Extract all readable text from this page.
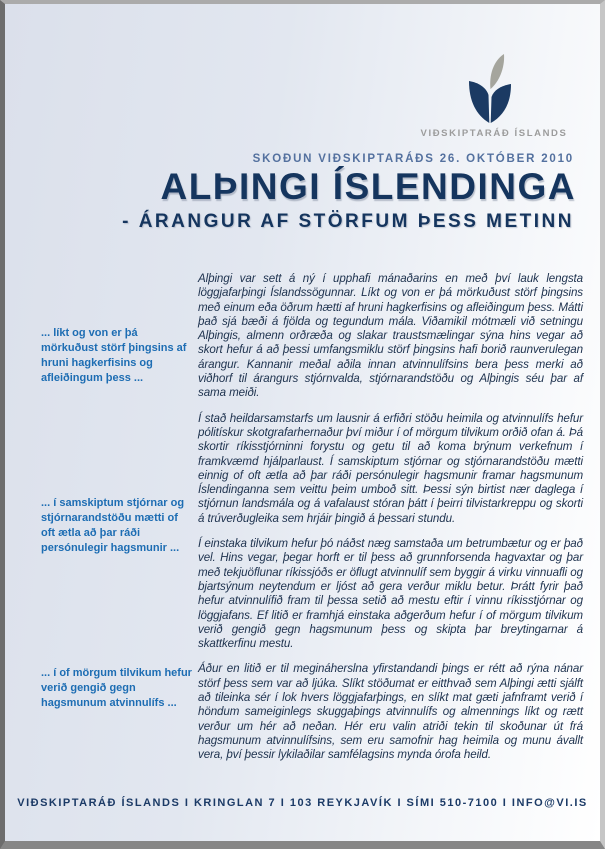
VIÐSKIPTARÁÐ ÍSLANDS
SKOÐUN VIÐSKIPTARÁÐS 26. OKTÓBER 2010
ALÞINGI ÍSLENDINGA
- ÁRANGUR AF STÖRFUM ÞESS METINN
... líkt og von er þá mörkuðust störf þingsins af hruni hagkerfisins og afleiðingum þess ...
... í samskiptum stjórnar og stjórnarandstöðu mætti of oft ætla að þar ráði persónulegir hagsmunir ...
... í of mörgum tilvikum hefur verið gengið gegn hagsmunum atvinnulífs ...

Alþingi var sett á ný í upphafi mánaðarins en með því lauk lengsta löggjafarþingi Íslandssögunnar. Líkt og von er þá mörkuðust störf þingsins með einum eða öðrum hætti af hruni hagkerfisins og afleiðingum þess. Mátti það sjá bæði á fjölda og tegundum mála. Viðamikil mótmæli við setningu Alþingis, almenn orðræða og slakar traustsmælingar sýna hins vegar að skort hefur á að þessi umfangsmiklu störf þingsins hafi borið raunverulegan árangur. Kannanir meðal aðila innan atvinnulífsins bera þess merki að viðhorf til árangurs stjórnvalda, stjórnarandstöðu og Alþingis séu þar af sama meiði.

Í stað heildarsamstarfs um lausnir á erfiðri stöðu heimila og atvinnulífs hefur pólitískur skotgrafarhernaður því miður í of mörgum tilvikum orðið ofan á. Þá skortir ríkisstjórninni forystu og getu til að koma brýnum verkefnum í framkvæmd hjálparlaust. Í samskiptum stjórnar og stjórnarandstöðu mætti einnig of oft ætla að þar ráði persónulegir hagsmunir framar hagsmunum Íslendinganna sem veittu þeim umboð sitt. Þessi sýn birtist nær daglega í stjórnun landsmála og á vafalaust stóran þátt í þeirri tilvistarkreppu og skorti á trúverðugleika sem hrjáir þingið á þessari stundu.

Í einstaka tilvikum hefur þó náðst næg samstaða um betrumbætur og er það vel. Hins vegar, þegar horft er til þess að grunnforsenda hagvaxtar og þar með tekjuöflunar ríkissjóðs er öflugt atvinnulíf sem byggir á virku vinnuafli og bjartsýnum neytendum er ljóst að gera verður miklu betur. Þrátt fyrir það hefur atvinnulífið fram til þessa setið að mestu eftir í vinnu ríkisstjórnar og löggjafans. Ef litið er framhjá einstaka aðgerðum hefur í of mörgum tilvikum verið gengið gegn hagsmunum þess og skipta þar breytingarnar á skattkerfinu mestu.

Áður en litið er til megináherslna yfirstandandi þings er rétt að rýna nánar störf þess sem var að ljúka. Slíkt stöðumat er eitthvað sem Alþingi ætti sjálft að tileinka sér í lok hvers löggjafarþings, en slíkt mat gæti jafnframt verið í höndum sameiginlegs skuggaþings atvinnulífs og almennings líkt og rætt verður um hér að neðan. Hér eru valin atriði tekin til skoðunar út frá hagsmunum atvinnulífsins, sem eru samofnir hag heimila og munu ávallt vera, því þessir lykilaðilar samfélagsins mynda órofa heild.

VIÐSKIPTARÁÐ ÍSLANDS I KRINGLAN 7 I 103 REYKJAVÍK I SÍMI 510-7100 I INFO@VI.IS
